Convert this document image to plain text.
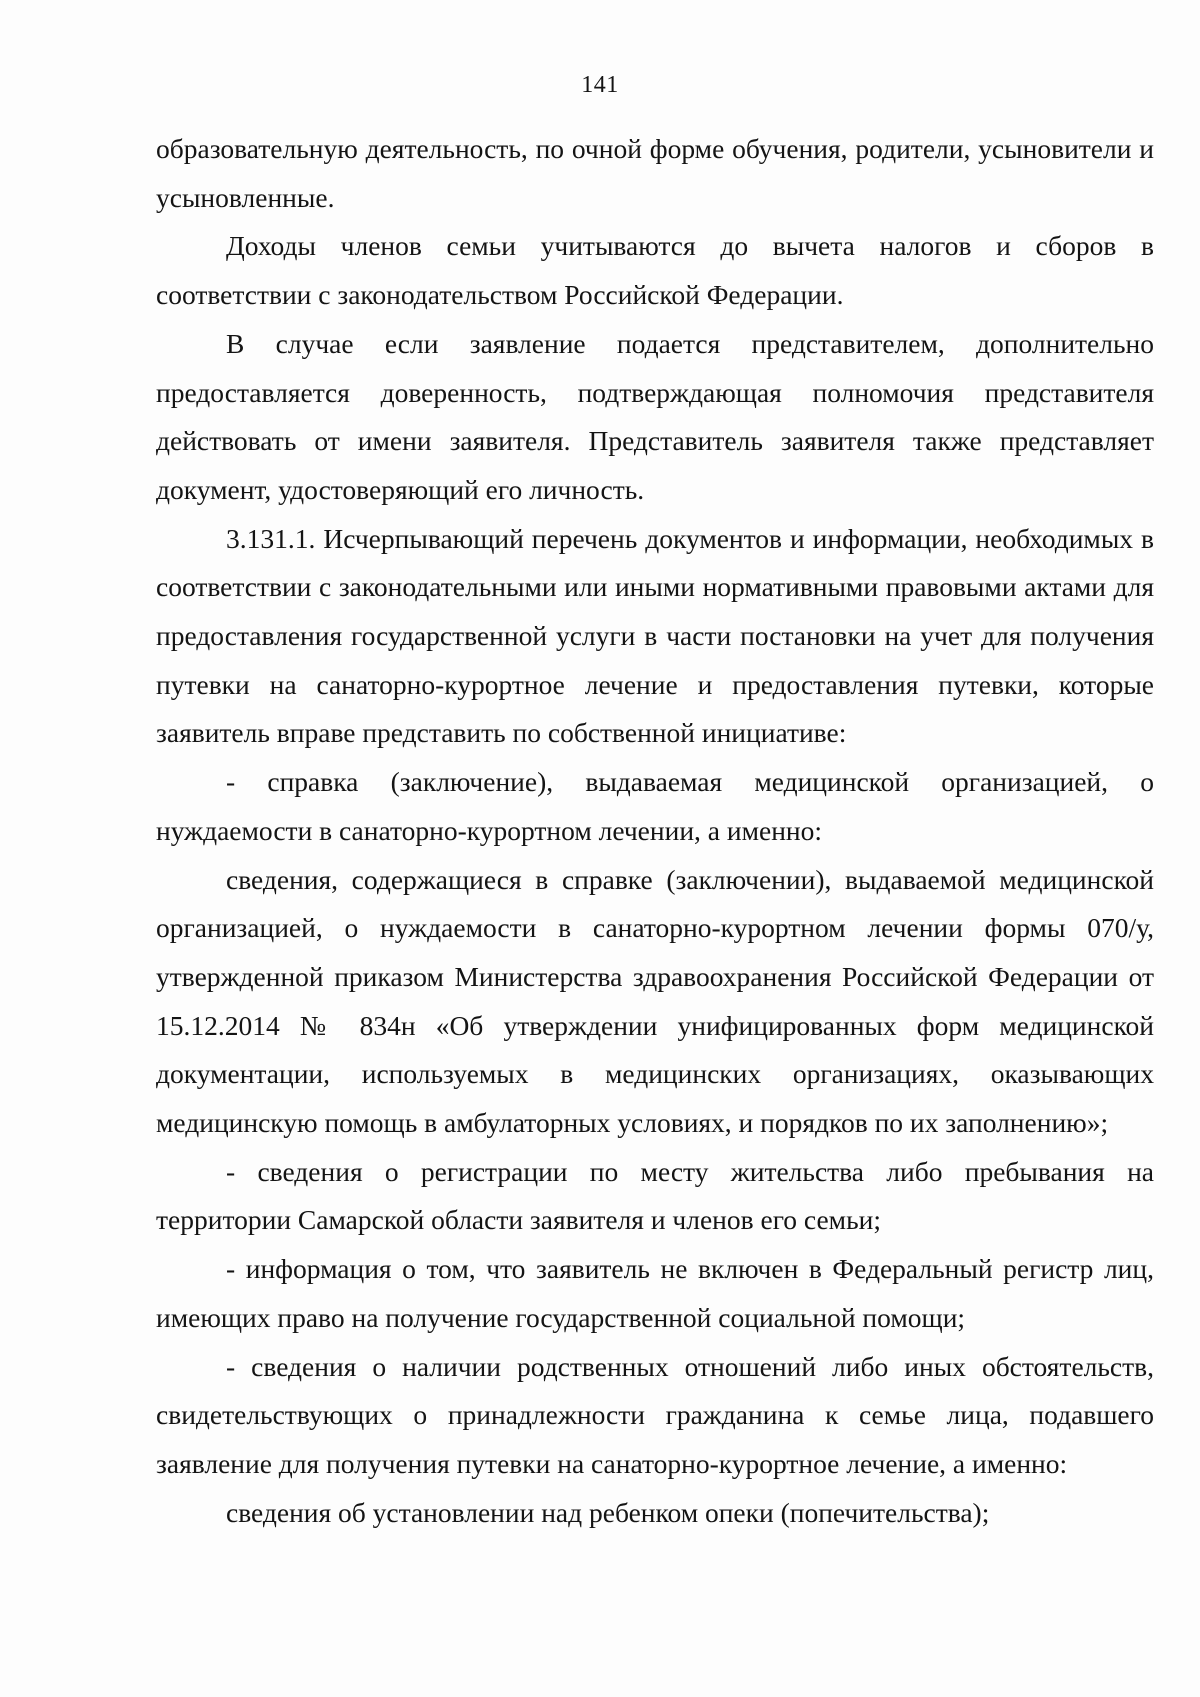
141

образовательную деятельность, по очной форме обучения, родители, усыновители и усыновленные.

Доходы членов семьи учитываются до вычета налогов и сборов в соответствии с законодательством Российской Федерации.

В случае если заявление подается представителем, дополнительно предоставляется доверенность, подтверждающая полномочия представителя действовать от имени заявителя. Представитель заявителя также представляет документ, удостоверяющий его личность.

3.131.1. Исчерпывающий перечень документов и информации, необходимых в соответствии с законодательными или иными нормативными правовыми актами для предоставления государственной услуги в части постановки на учет для получения путевки на санаторно-курортное лечение и предоставления путевки, которые заявитель вправе представить по собственной инициативе:

- справка (заключение), выдаваемая медицинской организацией, о нуждаемости в санаторно-курортном лечении, а именно:

сведения, содержащиеся в справке (заключении), выдаваемой медицинской организацией, о нуждаемости в санаторно-курортном лечении формы 070/у, утвержденной приказом Министерства здравоохранения Российской Федерации от 15.12.2014 № 834н «Об утверждении унифицированных форм медицинской документации, используемых в медицинских организациях, оказывающих медицинскую помощь в амбулаторных условиях, и порядков по их заполнению»;

- сведения о регистрации по месту жительства либо пребывания на территории Самарской области заявителя и членов его семьи;

- информация о том, что заявитель не включен в Федеральный регистр лиц, имеющих право на получение государственной социальной помощи;

- сведения о наличии родственных отношений либо иных обстоятельств, свидетельствующих о принадлежности гражданина к семье лица, подавшего заявление для получения путевки на санаторно-курортное лечение, а именно:

сведения об установлении над ребенком опеки (попечительства);
